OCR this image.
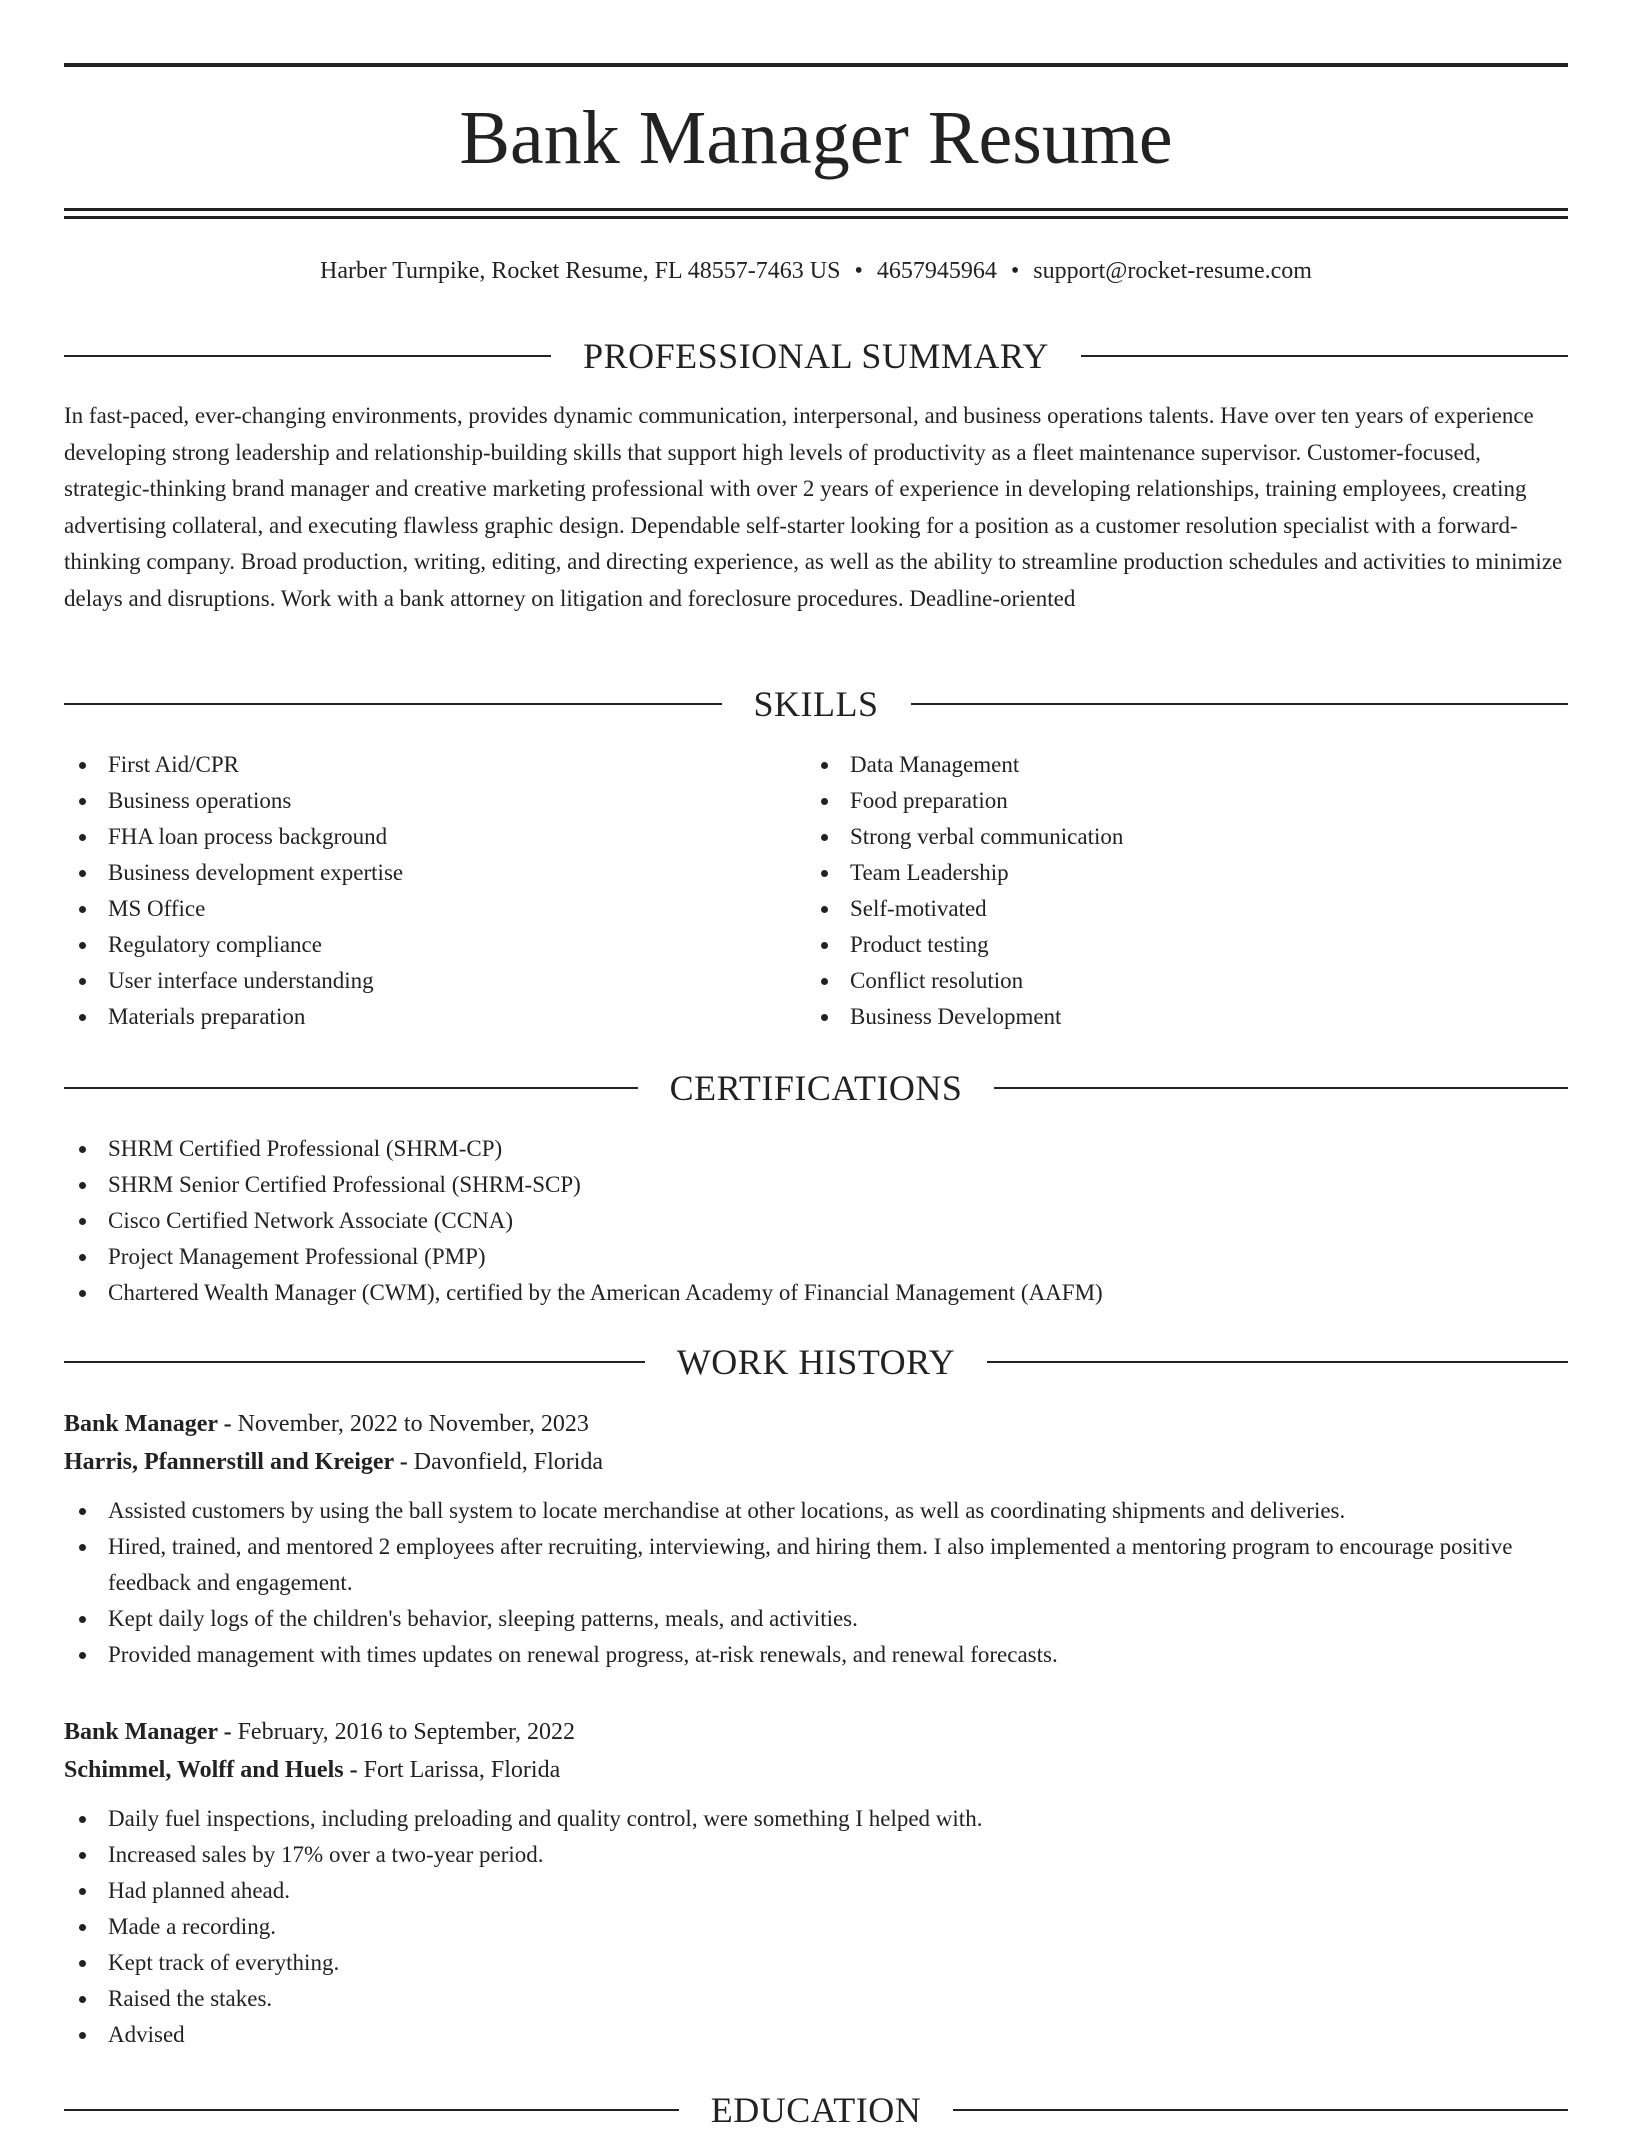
Bank Manager Resume
Harber Turnpike, Rocket Resume, FL 48557-7463 US • 4657945964 • support@rocket-resume.com
PROFESSIONAL SUMMARY

In fast-paced, ever-changing environments, provides dynamic communication, interpersonal, and business operations talents. Have over ten years of experience developing strong leadership and relationship-building skills that support high levels of productivity as a fleet maintenance supervisor. Customer-focused, strategic-thinking brand manager and creative marketing professional with over 2 years of experience in developing relationships, training employees, creating advertising collateral, and executing flawless graphic design. Dependable self-starter looking for a position as a customer resolution specialist with a forward-thinking company. Broad production, writing, editing, and directing experience, as well as the ability to streamline production schedules and activities to minimize delays and disruptions. Work with a bank attorney on litigation and foreclosure procedures. Deadline-oriented

SKILLS
First Aid/CPR
Business operations
FHA loan process background
Business development expertise
MS Office
Regulatory compliance
User interface understanding
Materials preparation
Data Management
Food preparation
Strong verbal communication
Team Leadership
Self-motivated
Product testing
Conflict resolution
Business Development
CERTIFICATIONS
SHRM Certified Professional (SHRM-CP)
SHRM Senior Certified Professional (SHRM-SCP)
Cisco Certified Network Associate (CCNA)
Project Management Professional (PMP)
Chartered Wealth Manager (CWM), certified by the American Academy of Financial Management (AAFM)
WORK HISTORY
Bank Manager - November, 2022 to November, 2023
Harris, Pfannerstill and Kreiger - Davonfield, Florida
Assisted customers by using the ball system to locate merchandise at other locations, as well as coordinating shipments and deliveries.
Hired, trained, and mentored 2 employees after recruiting, interviewing, and hiring them. I also implemented a mentoring program to encourage positive feedback and engagement.
Kept daily logs of the children's behavior, sleeping patterns, meals, and activities.
Provided management with times updates on renewal progress, at-risk renewals, and renewal forecasts.
Bank Manager - February, 2016 to September, 2022
Schimmel, Wolff and Huels - Fort Larissa, Florida
Daily fuel inspections, including preloading and quality control, were something I helped with.
Increased sales by 17% over a two-year period.
Had planned ahead.
Made a recording.
Kept track of everything.
Raised the stakes.
Advised
EDUCATION
